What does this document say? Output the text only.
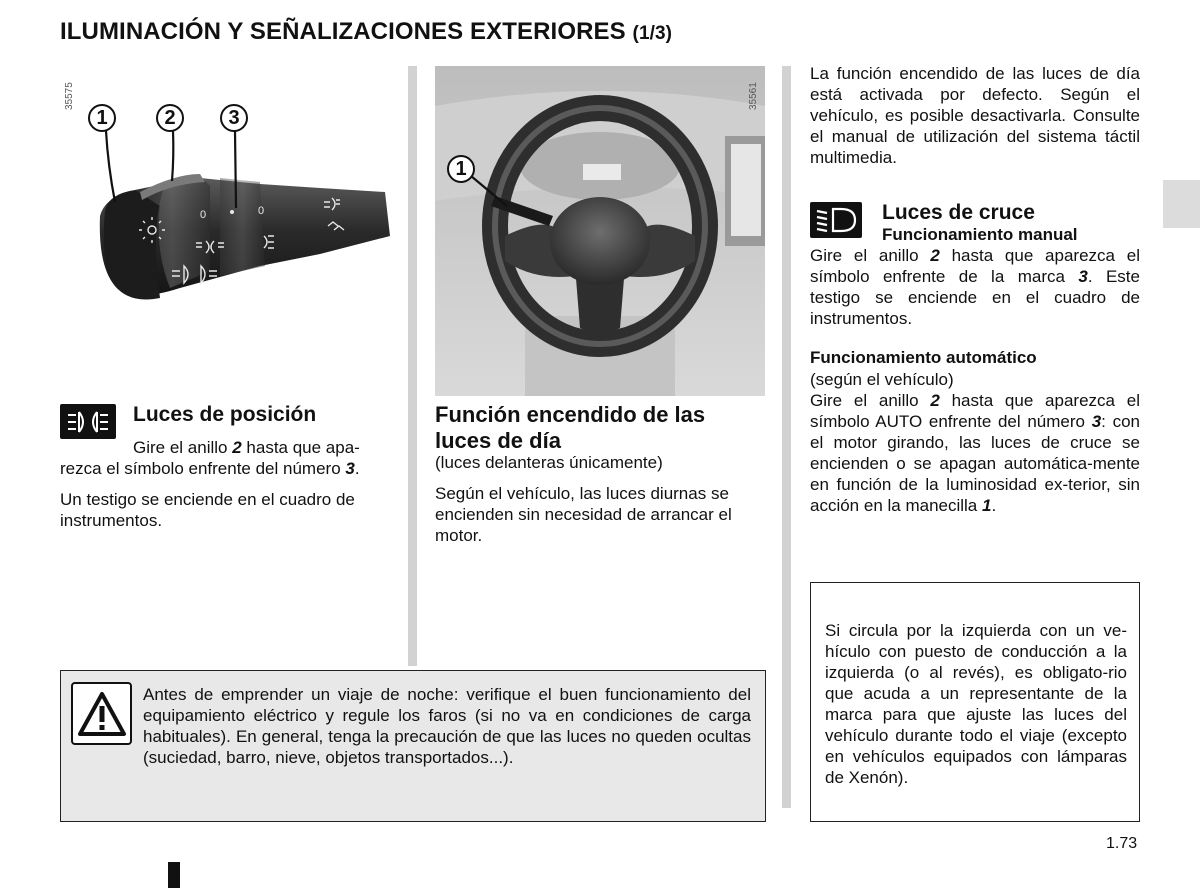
ILUMINACIÓN Y SEÑALIZACIONES EXTERIORES (1/3)
0	0
35575
1	2	3
35561
1
Luces de posición
Gire el anillo 2 hasta que apa-
rezca el símbolo enfrente del número 3.
Un testigo se enciende en el cuadro de instrumentos.
Función encendido de las luces de día
(luces delanteras únicamente)
Según el vehículo, las luces diurnas se encienden sin necesidad de arrancar el motor.
La función encendido de las luces de día está activada por defecto. Según el vehículo, es posible desactivarla. Consulte el manual de utilización del sistema táctil multimedia.
Luces de cruce
Funcionamiento manual
Gire el anillo 2 hasta que aparezca el símbolo enfrente de la marca 3. Este testigo se enciende en el cuadro de instrumentos.
Funcionamiento automático
(según el vehículo)
Gire el anillo 2 hasta que aparezca el símbolo AUTO enfrente del número 3: con el motor girando, las luces de cruce se encienden o se apagan automática-mente en función de la luminosidad ex-terior, sin acción en la manecilla 1.
Antes de emprender un viaje de noche: verifique el buen funcionamiento del equipamiento eléctrico y regule los faros (si no va en condiciones de carga habituales). En general, tenga la precaución de que las luces no queden ocultas (suciedad, barro, nieve, objetos transportados...).
Si circula por la izquierda con un ve-hículo con puesto de conducción a la izquierda (o al revés), es obligato-rio que acuda a un representante de la marca para que ajuste las luces del vehículo durante todo el viaje (excepto en vehículos equipados con lámparas de Xenón).
1.73
